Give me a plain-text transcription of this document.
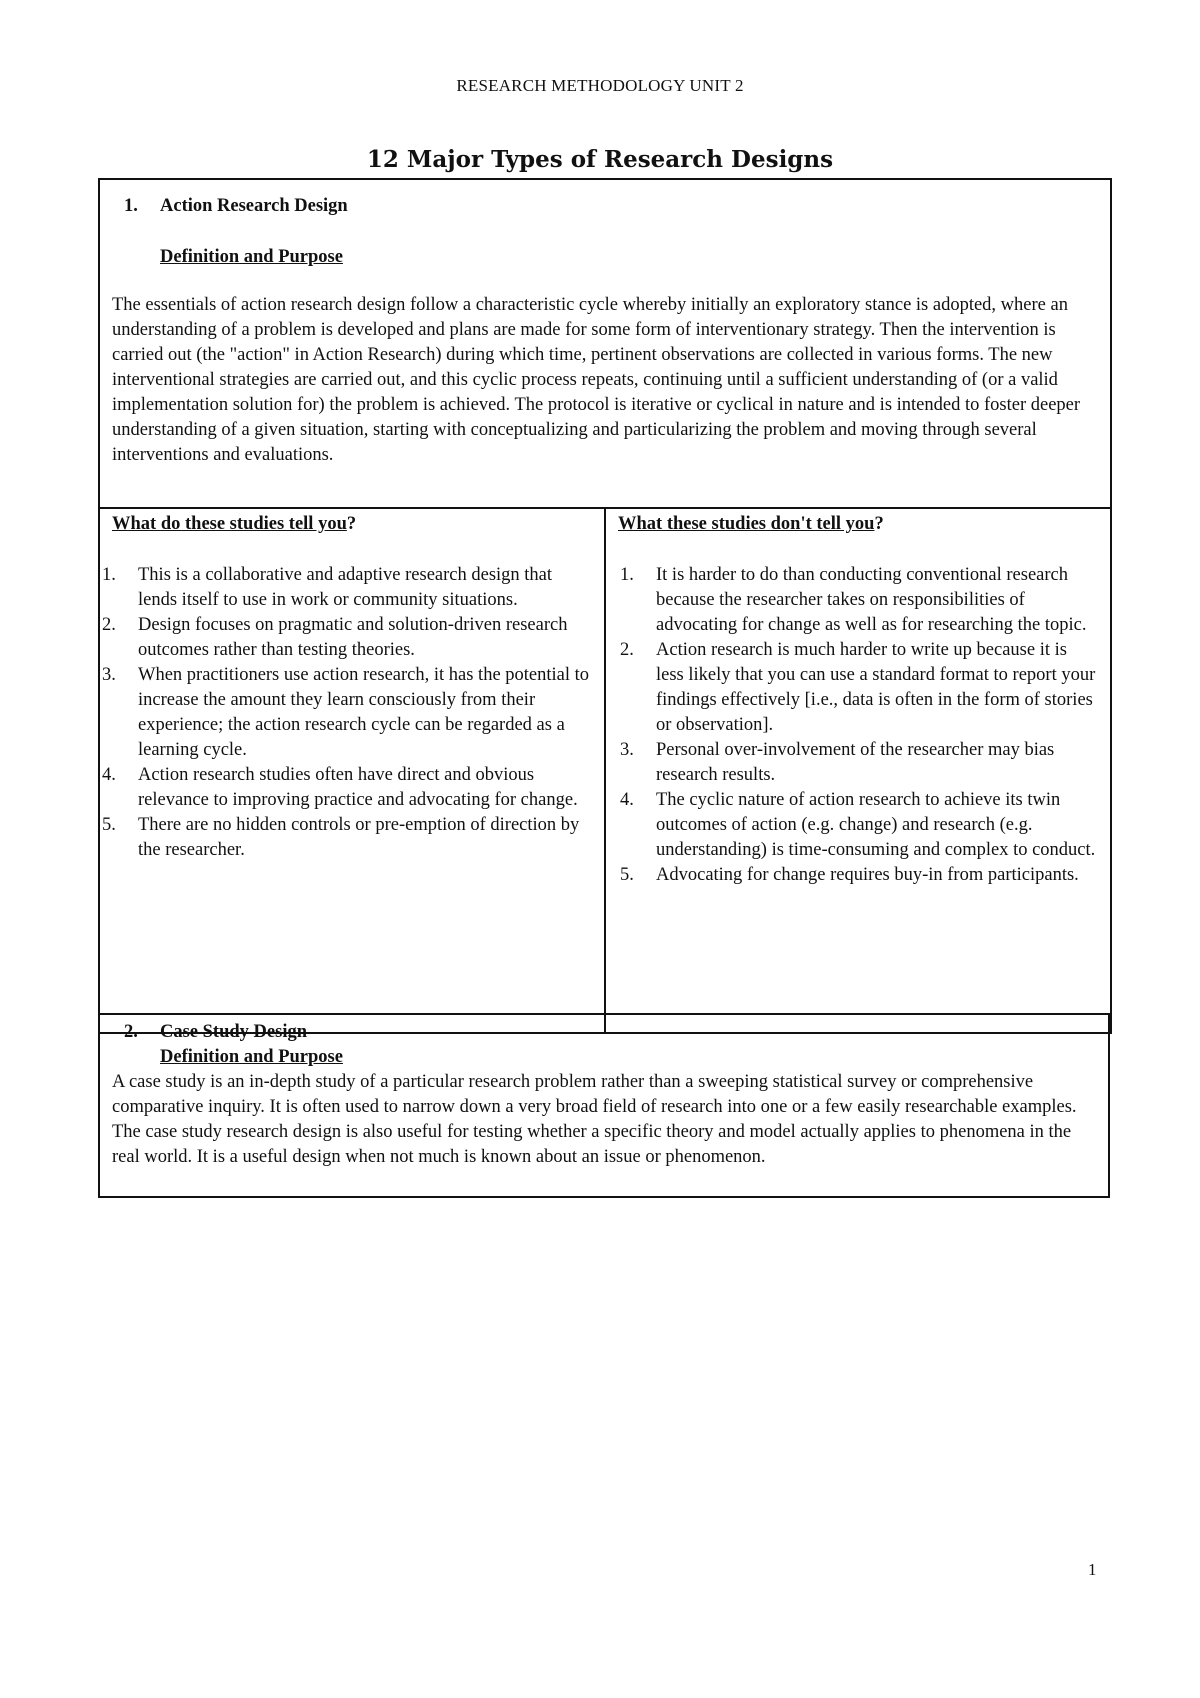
RESEARCH METHODOLOGY UNIT 2
12 Major Types of Research Designs

1. Action Research Design

Definition and Purpose

The essentials of action research design follow a characteristic cycle whereby initially an exploratory stance is adopted, where an understanding of a problem is developed and plans are made for some form of interventionary strategy. Then the intervention is carried out (the "action" in Action Research) during which time, pertinent observations are collected in various forms. The new interventional strategies are carried out, and this cyclic process repeats, continuing until a sufficient understanding of (or a valid implementation solution for) the problem is achieved. The protocol is iterative or cyclical in nature and is intended to foster deeper understanding of a given situation, starting with conceptualizing and particularizing the problem and moving through several interventions and evaluations.

What do these studies tell you?

1. This is a collaborative and adaptive research design that lends itself to use in work or community situations.
2. Design focuses on pragmatic and solution-driven research outcomes rather than testing theories.
3. When practitioners use action research, it has the potential to increase the amount they learn consciously from their experience; the action research cycle can be regarded as a learning cycle.
4. Action research studies often have direct and obvious relevance to improving practice and advocating for change.
5. There are no hidden controls or pre-emption of direction by the researcher.

What these studies don't tell you?

1. It is harder to do than conducting conventional research because the researcher takes on responsibilities of advocating for change as well as for researching the topic.
2. Action research is much harder to write up because it is less likely that you can use a standard format to report your findings effectively [i.e., data is often in the form of stories or observation].
3. Personal over-involvement of the researcher may bias research results.
4. The cyclic nature of action research to achieve its twin outcomes of action (e.g. change) and research (e.g. understanding) is time-consuming and complex to conduct.
5. Advocating for change requires buy-in from participants.

2. Case Study Design

Definition and Purpose

A case study is an in-depth study of a particular research problem rather than a sweeping statistical survey or comprehensive comparative inquiry. It is often used to narrow down a very broad field of research into one or a few easily researchable examples. The case study research design is also useful for testing whether a specific theory and model actually applies to phenomena in the real world. It is a useful design when not much is known about an issue or phenomenon.

1
